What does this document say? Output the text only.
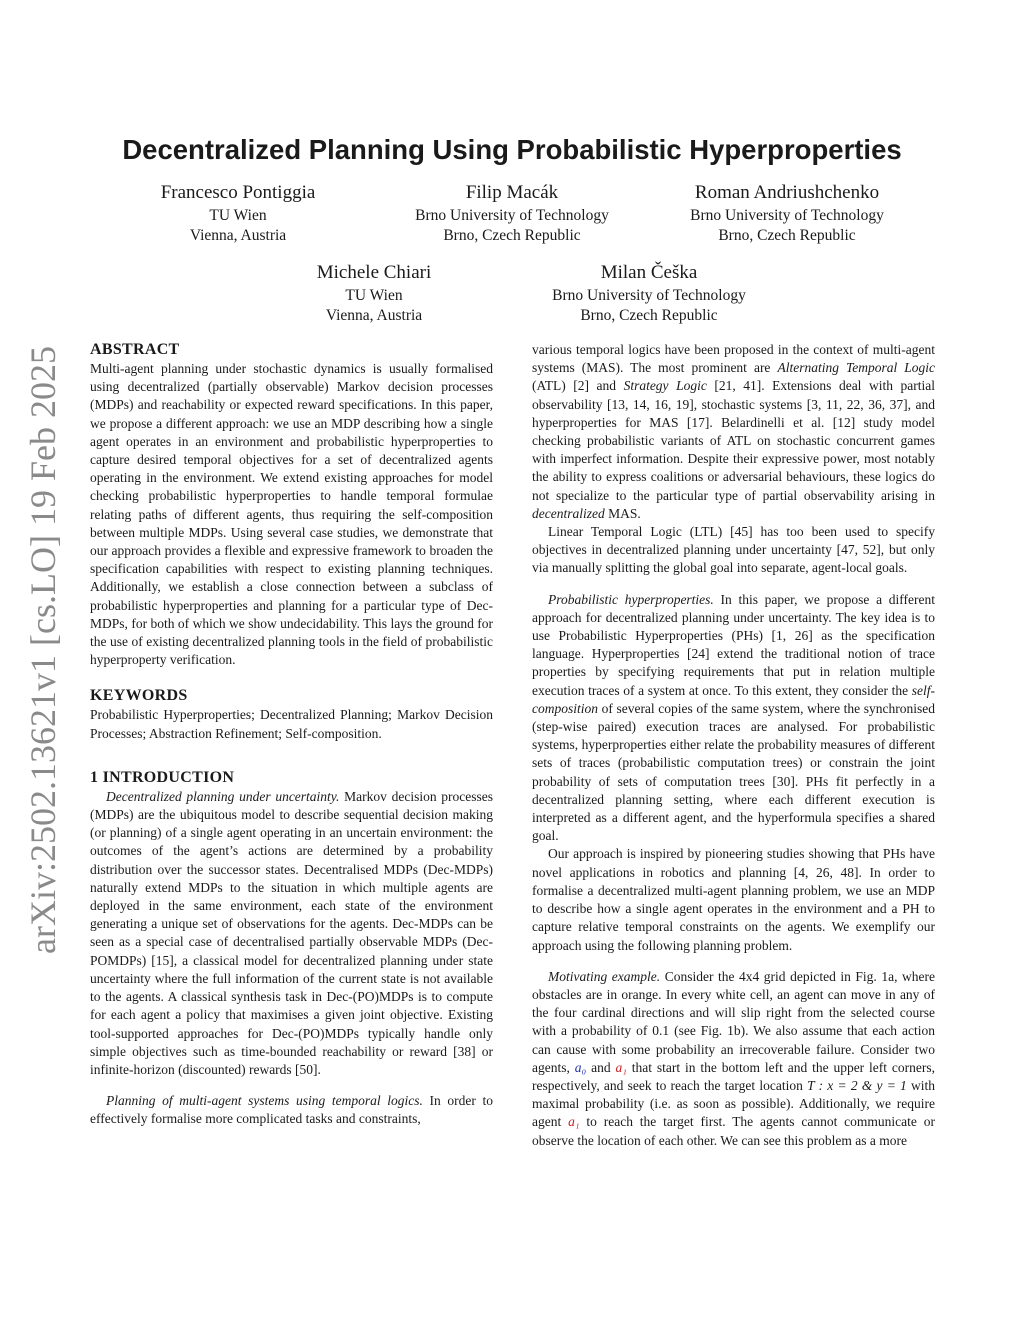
arXiv:2502.13621v1 [cs.LO] 19 Feb 2025
Decentralized Planning Using Probabilistic Hyperproperties
Francesco Pontiggia
TU Wien
Vienna, Austria
Filip Macák
Brno University of Technology
Brno, Czech Republic
Roman Andriushchenko
Brno University of Technology
Brno, Czech Republic
Michele Chiari
TU Wien
Vienna, Austria
Milan Češka
Brno University of Technology
Brno, Czech Republic
ABSTRACT

Multi-agent planning under stochastic dynamics is usually formalised using decentralized (partially observable) Markov decision processes (MDPs) and reachability or expected reward specifications. In this paper, we propose a different approach: we use an MDP describing how a single agent operates in an environment and probabilistic hyperproperties to capture desired temporal objectives for a set of decentralized agents operating in the environment. We extend existing approaches for model checking probabilistic hyperproperties to handle temporal formulae relating paths of different agents, thus requiring the self-composition between multiple MDPs. Using several case studies, we demonstrate that our approach provides a flexible and expressive framework to broaden the specification capabilities with respect to existing planning techniques. Additionally, we establish a close connection between a subclass of probabilistic hyperproperties and planning for a particular type of Dec-MDPs, for both of which we show undecidability. This lays the ground for the use of existing decentralized planning tools in the field of probabilistic hyperproperty verification.

KEYWORDS

Probabilistic Hyperproperties; Decentralized Planning; Markov Decision Processes; Abstraction Refinement; Self-composition.

1 INTRODUCTION

Decentralized planning under uncertainty. Markov decision processes (MDPs) are the ubiquitous model to describe sequential decision making (or planning) of a single agent operating in an uncertain environment: the outcomes of the agent’s actions are determined by a probability distribution over the successor states. Decentralised MDPs (Dec-MDPs) naturally extend MDPs to the situation in which multiple agents are deployed in the same environment, each state of the environment generating a unique set of observations for the agents. Dec-MDPs can be seen as a special case of decentralised partially observable MDPs (Dec-POMDPs) [15], a classical model for decentralized planning under state uncertainty where the full information of the current state is not available to the agents. A classical synthesis task in Dec-(PO)MDPs is to compute for each agent a policy that maximises a given joint objective. Existing tool-supported approaches for Dec-(PO)MDPs typically handle only simple objectives such as time-bounded reachability or reward [38] or infinite-horizon (discounted) rewards [50].

Planning of multi-agent systems using temporal logics. In order to effectively formalise more complicated tasks and constraints,

various temporal logics have been proposed in the context of multi-agent systems (MAS). The most prominent are Alternating Temporal Logic (ATL) [2] and Strategy Logic [21, 41]. Extensions deal with partial observability [13, 14, 16, 19], stochastic systems [3, 11, 22, 36, 37], and hyperproperties for MAS [17]. Belardinelli et al. [12] study model checking probabilistic variants of ATL on stochastic concurrent games with imperfect information. Despite their expressive power, most notably the ability to express coalitions or adversarial behaviours, these logics do not specialize to the particular type of partial observability arising in decentralized MAS.

Linear Temporal Logic (LTL) [45] has too been used to specify objectives in decentralized planning under uncertainty [47, 52], but only via manually splitting the global goal into separate, agent-local goals.

Probabilistic hyperproperties. In this paper, we propose a different approach for decentralized planning under uncertainty. The key idea is to use Probabilistic Hyperproperties (PHs) [1, 26] as the specification language. Hyperproperties [24] extend the traditional notion of trace properties by specifying requirements that put in relation multiple execution traces of a system at once. To this extent, they consider the self-composition of several copies of the same system, where the synchronised (step-wise paired) execution traces are analysed. For probabilistic systems, hyperproperties either relate the probability measures of different sets of traces (probabilistic computation trees) or constrain the joint probability of sets of computation trees [30]. PHs fit perfectly in a decentralized planning setting, where each different execution is interpreted as a different agent, and the hyperformula specifies a shared goal.

Our approach is inspired by pioneering studies showing that PHs have novel applications in robotics and planning [4, 26, 48]. In order to formalise a decentralized multi-agent planning problem, we use an MDP to describe how a single agent operates in the environment and a PH to capture relative temporal constraints on the agents. We exemplify our approach using the following planning problem.

Motivating example. Consider the 4x4 grid depicted in Fig. 1a, where obstacles are in orange. In every white cell, an agent can move in any of the four cardinal directions and will slip right from the selected course with a probability of 0.1 (see Fig. 1b). We also assume that each action can cause with some probability an irrecoverable failure. Consider two agents, a₀ and a₁ that start in the bottom left and the upper left corners, respectively, and seek to reach the target location T : x = 2 & y = 1 with maximal probability (i.e. as soon as possible). Additionally, we require agent a₁ to reach the target first. The agents cannot communicate or observe the location of each other. We can see this problem as a more
